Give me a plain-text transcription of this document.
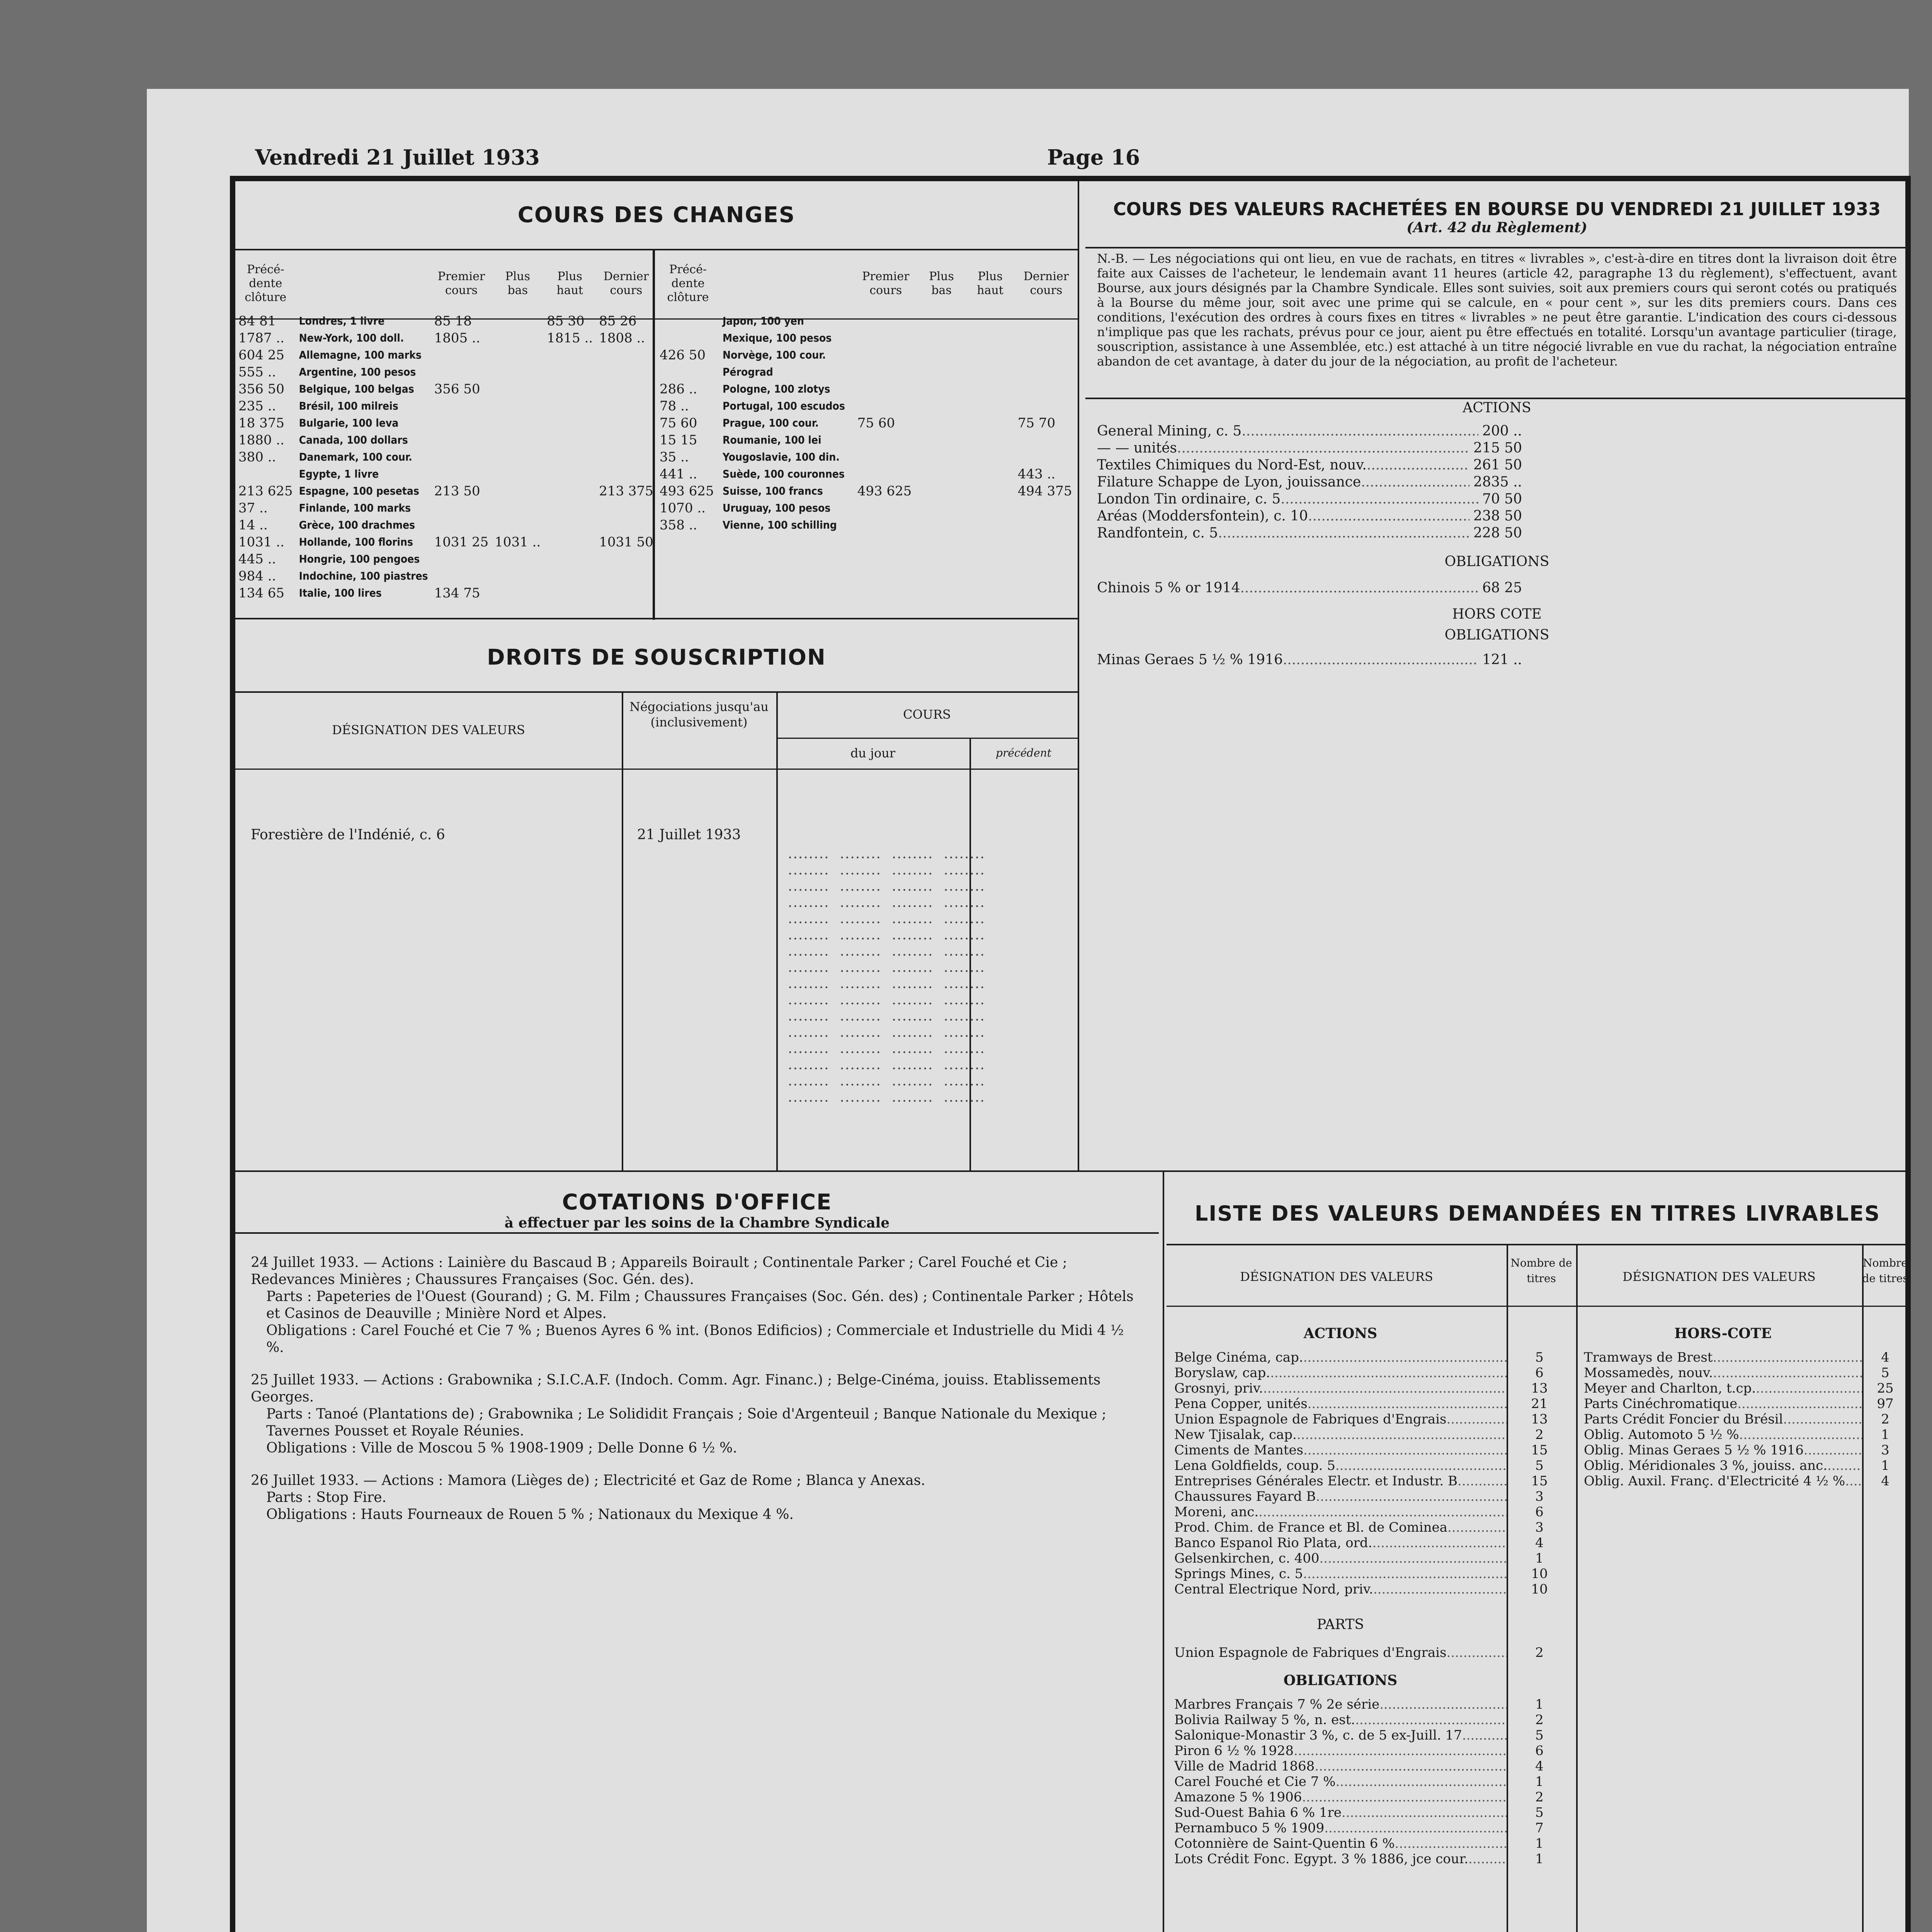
Vendredi 21 Juillet 1933	Page 16
COURS DES CHANGES
Précé- dente clôture		Premier cours	Plus bas	Plus haut	Dernier cours
84 81	Londres, 1 livre	85 18		85 30	85 26
1787 ..	New-York, 100 doll.	1805 ..		1815 ..	1808 ..
604 25	Allemagne, 100 marks				
555 ..	Argentine, 100 pesos				
356 50	Belgique, 100 belgas	356 50			
235 ..	Brésil, 100 milreis				
18 375	Bulgarie, 100 leva				
1880 ..	Canada, 100 dollars				
380 ..	Danemark, 100 cour.				
	Egypte, 1 livre				
213 625	Espagne, 100 pesetas	213 50			213 375
37 ..	Finlande, 100 marks				
14 ..	Grèce, 100 drachmes				
1031 ..	Hollande, 100 florins	1031 25	1031 ..		1031 50
445 ..	Hongrie, 100 pengoes				
984 ..	Indochine, 100 piastres				
134 65	Italie, 100 lires	134 75			
Précé- dente clôture		Premier cours	Plus bas	Plus haut	Dernier cours
	Japon, 100 yen				
	Mexique, 100 pesos				
426 50	Norvège, 100 cour.				
	Pérograd				
286 ..	Pologne, 100 zlotys				
78 ..	Portugal, 100 escudos				
75 60	Prague, 100 cour.	75 60			75 70
15 15	Roumanie, 100 lei				
35 ..	Yougoslavie, 100 din.				
441 ..	Suède, 100 couronnes				443 ..
493 625	Suisse, 100 francs	493 625			494 375
1070 ..	Uruguay, 100 pesos				
358 ..	Vienne, 100 schilling				
DROITS DE SOUSCRIPTION
DÉSIGNATION DES VALEURS
Négociations jusqu'au (inclusivement)
COURS
du jour	précédent
Forestière de l'Indénié, c. 6	21 Juillet 1933
........  ........  ........  ........
........  ........  ........  ........
........  ........  ........  ........
........  ........  ........  ........
........  ........  ........  ........
........  ........  ........  ........
........  ........  ........  ........
........  ........  ........  ........
........  ........  ........  ........
........  ........  ........  ........
........  ........  ........  ........
........  ........  ........  ........
........  ........  ........  ........
........  ........  ........  ........
........  ........  ........  ........
........  ........  ........  ........
COURS DES VALEURS RACHETÉES EN BOURSE DU VENDREDI 21 JUILLET 1933
(Art. 42 du Règlement)
N.-B. — Les négociations qui ont lieu, en vue de rachats, en titres « livrables », c'est-à-dire en titres dont la livraison doit être faite aux Caisses de l'acheteur, le lendemain avant 11 heures (article 42, paragraphe 13 du règlement), s'effectuent, avant Bourse, aux jours désignés par la Chambre Syndicale. Elles sont suivies, soit aux premiers cours qui seront cotés ou pratiqués à la Bourse du même jour, soit avec une prime qui se calcule, en « pour cent », sur les dits premiers cours. Dans ces conditions, l'exécution des ordres à cours fixes en titres « livrables » ne peut être garantie. L'indication des cours ci-dessous n'implique pas que les rachats, prévus pour ce jour, aient pu être effectués en totalité. Lorsqu'un avantage particulier (tirage, souscription, assistance à une Assemblée, etc.) est attaché à un titre négocié livrable en vue du rachat, la négociation entraîne abandon de cet avantage, à dater du jour de la négociation, au profit de l'acheteur.
ACTIONS
General Mining, c. 5 .....	200 ..
— — unités .....	215 50
Textiles Chimiques du Nord-Est, nouv. .....	261 50
Filature Schappe de Lyon, jouissance .....	2835 ..
London Tin ordinaire, c. 5 .....	70 50
Aréas (Moddersfontein), c. 10 .....	238 50
Randfontein, c. 5 .....	228 50
OBLIGATIONS
Chinois 5 % or 1914 .....	68 25
HORS COTE
OBLIGATIONS
Minas Geraes 5 ½ % 1916 .....	121 ..
COTATIONS D'OFFICE
à effectuer par les soins de la Chambre Syndicale
24 Juillet 1933. — Actions : Lainière du Bascaud B ; Appareils Boirault ; Continentale Parker ; Carel Fouché et Cie ; Redevances Minières ; Chaussures Françaises (Soc. Gén. des).
Parts : Papeteries de l'Ouest (Gourand) ; G. M. Film ; Chaussures Françaises (Soc. Gén. des) ; Continentale Parker ; Hôtels et Casinos de Deauville ; Minière Nord et Alpes.
Obligations : Carel Fouché et Cie 7 % ; Buenos Ayres 6 % int. (Bonos Edificios) ; Commerciale et Industrielle du Midi 4 ½ %.
25 Juillet 1933. — Actions : Grabownika ; S.I.C.A.F. (Indoch. Comm. Agr. Financ.) ; Belge-Cinéma, jouiss. Etablissements Georges.
Parts : Tanoé (Plantations de) ; Grabownika ; Le Solididit Français ; Soie d'Argenteuil ; Banque Nationale du Mexique ; Tavernes Pousset et Royale Réunies.
Obligations : Ville de Moscou 5 % 1908-1909 ; Delle Donne 6 ½ %.
26 Juillet 1933. — Actions : Mamora (Lièges de) ; Electricité et Gaz de Rome ; Blanca y Anexas.
Parts : Stop Fire.
Obligations : Hauts Fourneaux de Rouen 5 % ; Nationaux du Mexique 4 %.
LISTE DES VALEURS DEMANDÉES EN TITRES LIVRABLES
DÉSIGNATION DES VALEURS
Nombre de titres	DÉSIGNATION DES VALEURS
Nombre de titres
ACTIONS
Belge Cinéma, cap. .....	5
Boryslaw, cap. .....	6
Grosnyi, priv. .....	13
Pena Copper, unités .....	21
Union Espagnole de Fabriques d'Engrais .....	13
New Tjisalak, cap. .....	2
Ciments de Mantes .....	15
Lena Goldfields, coup. 5 .....	5
Entreprises Générales Electr. et Industr. B .....	15
Chaussures Fayard B .....	3
Moreni, anc. .....	6
Prod. Chim. de France et Bl. de Cominea .....	3
Banco Espanol Rio Plata, ord. .....	4
Gelsenkirchen, c. 400 .....	1
Springs Mines, c. 5 .....	10
Central Electrique Nord, priv. .....	10
PARTS
Union Espagnole de Fabriques d'Engrais .....	2
OBLIGATIONS
Marbres Français 7 % 2e série .....	1
Bolivia Railway 5 %, n. est. .....	2
Salonique-Monastir 3 %, c. de 5 ex-Juill. 17 .....	5
Piron 6 ½ % 1928 .....	6
Ville de Madrid 1868 .....	4
Carel Fouché et Cie 7 % .....	1
Amazone 5 % 1906 .....	2
Sud-Ouest Bahia 6 % 1re .....	5
Pernambuco 5 % 1909 .....	7
Cotonnière de Saint-Quentin 6 % .....	1
Lots Crédit Fonc. Egypt. 3 % 1886, jce cour. .....	1
HORS-COTE
Tramways de Brest .....	4
Mossamedès, nouv. .....	5
Meyer and Charlton, t.cp. .....	25
Parts Cinéchromatique .....	97
Parts Crédit Foncier du Brésil .....	2
Oblig. Automoto 5 ½ % .....	1
Oblig. Minas Geraes 5 ½ % 1916 .....	3
Oblig. Méridionales 3 %, jouiss. anc. .....	1
Oblig. Auxil. Franç. d'Electricité 4 ½ % .....	4
